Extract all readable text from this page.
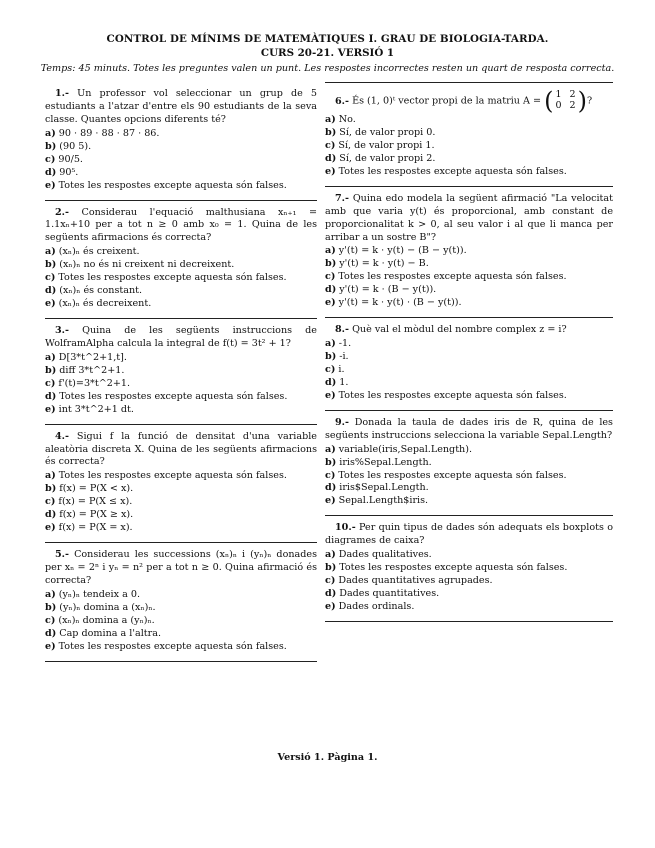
CONTROL DE MÍNIMS DE MATEMÀTIQUES I. GRAU DE BIOLOGIA-TARDA.
CURS 20-21. VERSIÓ 1
Temps: 45 minuts. Totes les preguntes valen un punt. Les respostes incorrectes resten un quart de resposta correcta.
1.- Un professor vol seleccionar un grup de 5 estudiants a l'atzar d'entre els 90 estudiants de la seva classe. Quantes opcions diferents té?
a) 90 · 89 · 88 · 87 · 86.
b) (90 5).
c) 90/5.
d) 90⁵.
e) Totes les respostes excepte aquesta són falses.
2.- Considerau l'equació malthusiana xₙ₊₁ = 1.1xₙ+10 per a tot n ≥ 0 amb x₀ = 1. Quina de les següents afirmacions és correcta?
a) (xₙ)ₙ és creixent.
b) (xₙ)ₙ no és ni creixent ni decreixent.
c) Totes les respostes excepte aquesta són falses.
d) (xₙ)ₙ és constant.
e) (xₙ)ₙ és decreixent.
3.- Quina de les següents instruccions de WolframAlpha calcula la integral de f(t) = 3t² + 1?
a) D[3*t^2+1,t].
b) diff 3*t^2+1.
c) f'(t)=3*t^2+1.
d) Totes les respostes excepte aquesta són falses.
e) int 3*t^2+1 dt.
4.- Sigui f la funció de densitat d'una variable aleatòria discreta X. Quina de les següents afirmacions és correcta?
a) Totes les respostes excepte aquesta són falses.
b) f(x) = P(X < x).
c) f(x) = P(X ≤ x).
d) f(x) = P(X ≥ x).
e) f(x) = P(X = x).
5.- Considerau les successions (xₙ)ₙ i (yₙ)ₙ donades per xₙ = 2ⁿ i yₙ = n² per a tot n ≥ 0. Quina afirmació és correcta?
a) (yₙ)ₙ tendeix a 0.
b) (yₙ)ₙ domina a (xₙ)ₙ.
c) (xₙ)ₙ domina a (yₙ)ₙ.
d) Cap domina a l'altra.
e) Totes les respostes excepte aquesta són falses.
6.- És (1, 0)ᵗ vector propi de la matriu A = ( 1 2
0 2 ) ?
a) No.
b) Sí, de valor propi 0.
c) Sí, de valor propi 1.
d) Sí, de valor propi 2.
e) Totes les respostes excepte aquesta són falses.
7.- Quina edo modela la següent afirmació "La velocitat amb que varia y(t) és proporcional, amb constant de proporcionalitat k > 0, al seu valor i al que li manca per arribar a un sostre B"?
a) y'(t) = k · y(t) − (B − y(t)).
b) y'(t) = k · y(t) − B.
c) Totes les respostes excepte aquesta són falses.
d) y'(t) = k · (B − y(t)).
e) y'(t) = k · y(t) · (B − y(t)).
8.- Què val el mòdul del nombre complex z = i?
a) -1.
b) -i.
c) i.
d) 1.
e) Totes les respostes excepte aquesta són falses.
9.- Donada la taula de dades iris de R, quina de les següents instruccions selecciona la variable Sepal.Length?
a) variable(iris,Sepal.Length).
b) iris%Sepal.Length.
c) Totes les respostes excepte aquesta són falses.
d) iris$Sepal.Length.
e) Sepal.Length$iris.
10.- Per quin tipus de dades són adequats els boxplots o diagrames de caixa?
a) Dades qualitatives.
b) Totes les respostes excepte aquesta són falses.
c) Dades quantitatives agrupades.
d) Dades quantitatives.
e) Dades ordinals.
Versió 1. Pàgina 1.
